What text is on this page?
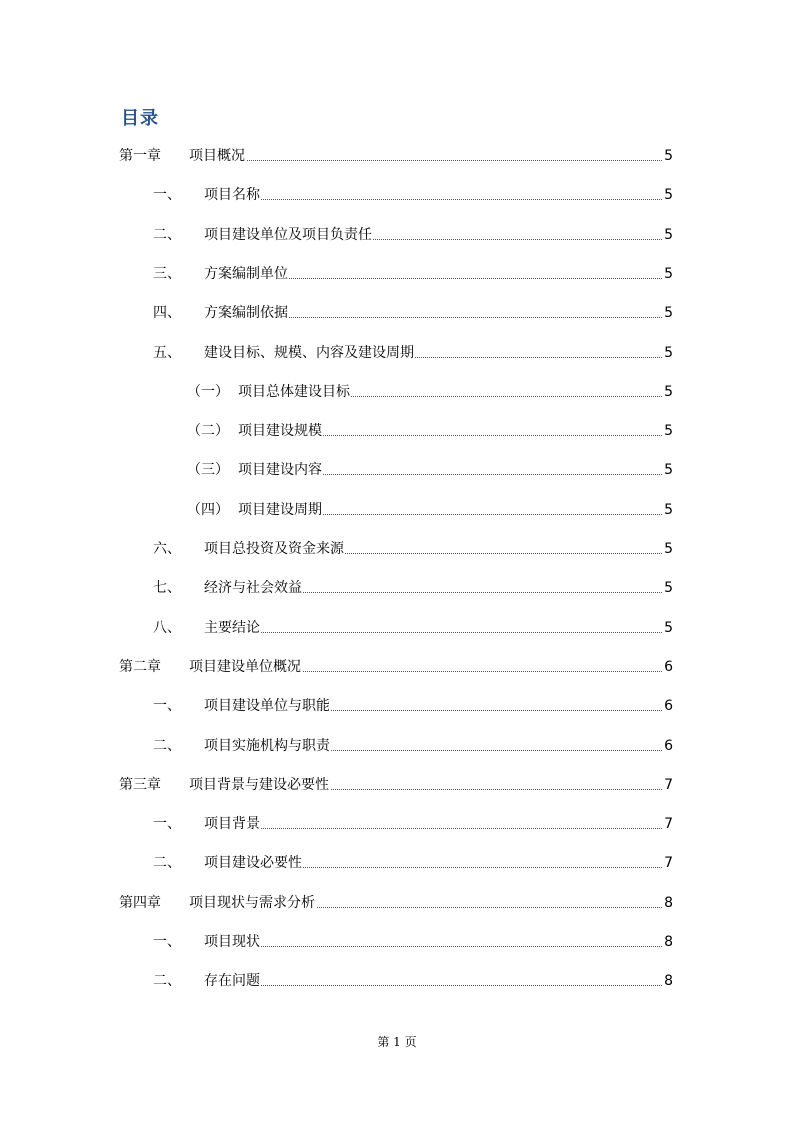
目录
第一章 项目概况	5
一、 项目名称	5
二、 项目建设单位及项目负责任	5
三、 方案编制单位	5
四、 方案编制依据	5
五、 建设目标、规模、内容及建设周期	5
（一） 项目总体建设目标	5
（二） 项目建设规模	5
（三） 项目建设内容	5
（四） 项目建设周期	5
六、 项目总投资及资金来源	5
七、 经济与社会效益	5
八、 主要结论	5
第二章 项目建设单位概况	6
一、 项目建设单位与职能	6
二、 项目实施机构与职责	6
第三章 项目背景与建设必要性	7
一、 项目背景	7
二、 项目建设必要性	7
第四章 项目现状与需求分析	8
一、 项目现状	8
二、 存在问题	8
第 1 页
